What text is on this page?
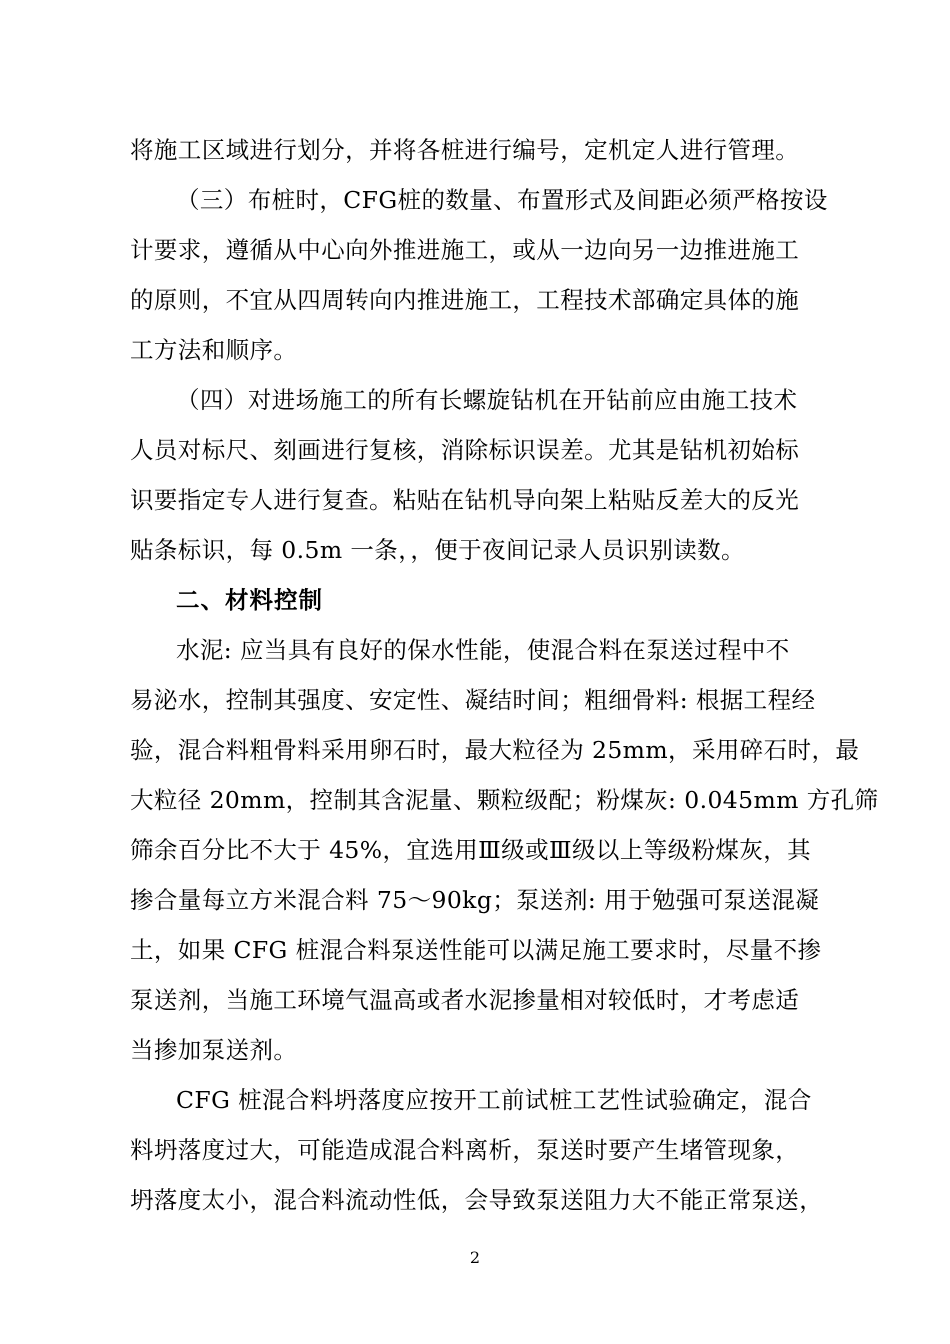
将施工区域进行划分，并将各桩进行编号，定机定人进行管理。
（三）布桩时，CFG桩的数量、布置形式及间距必须严格按设
计要求，遵循从中心向外推进施工，或从一边向另一边推进施工
的原则，不宜从四周转向内推进施工，工程技术部确定具体的施
工方法和顺序。
（四）对进场施工的所有长螺旋钻机在开钻前应由施工技术
人员对标尺、刻画进行复核，消除标识误差。尤其是钻机初始标
识要指定专人进行复查。粘贴在钻机导向架上粘贴反差大的反光
贴条标识，每 0.5m 一条，，便于夜间记录人员识别读数。
二、材料控制
水泥: 应当具有良好的保水性能，使混合料在泵送过程中不
易泌水，控制其强度、安定性、凝结时间；粗细骨料: 根据工程经
验，混合料粗骨料采用卵石时，最大粒径为 25mm，采用碎石时，最
大粒径 20mm，控制其含泥量、颗粒级配；粉煤灰: 0.045mm 方孔筛
筛余百分比不大于 45%，宜选用Ⅲ级或Ⅲ级以上等级粉煤灰，其
掺合量每立方米混合料 75～90kg；泵送剂: 用于勉强可泵送混凝
土，如果 CFG 桩混合料泵送性能可以满足施工要求时，尽量不掺
泵送剂，当施工环境气温高或者水泥掺量相对较低时，才考虑适
当掺加泵送剂。
CFG 桩混合料坍落度应按开工前试桩工艺性试验确定，混合
料坍落度过大，可能造成混合料离析，泵送时要产生堵管现象，
坍落度太小，混合料流动性低，会导致泵送阻力大不能正常泵送，
2
